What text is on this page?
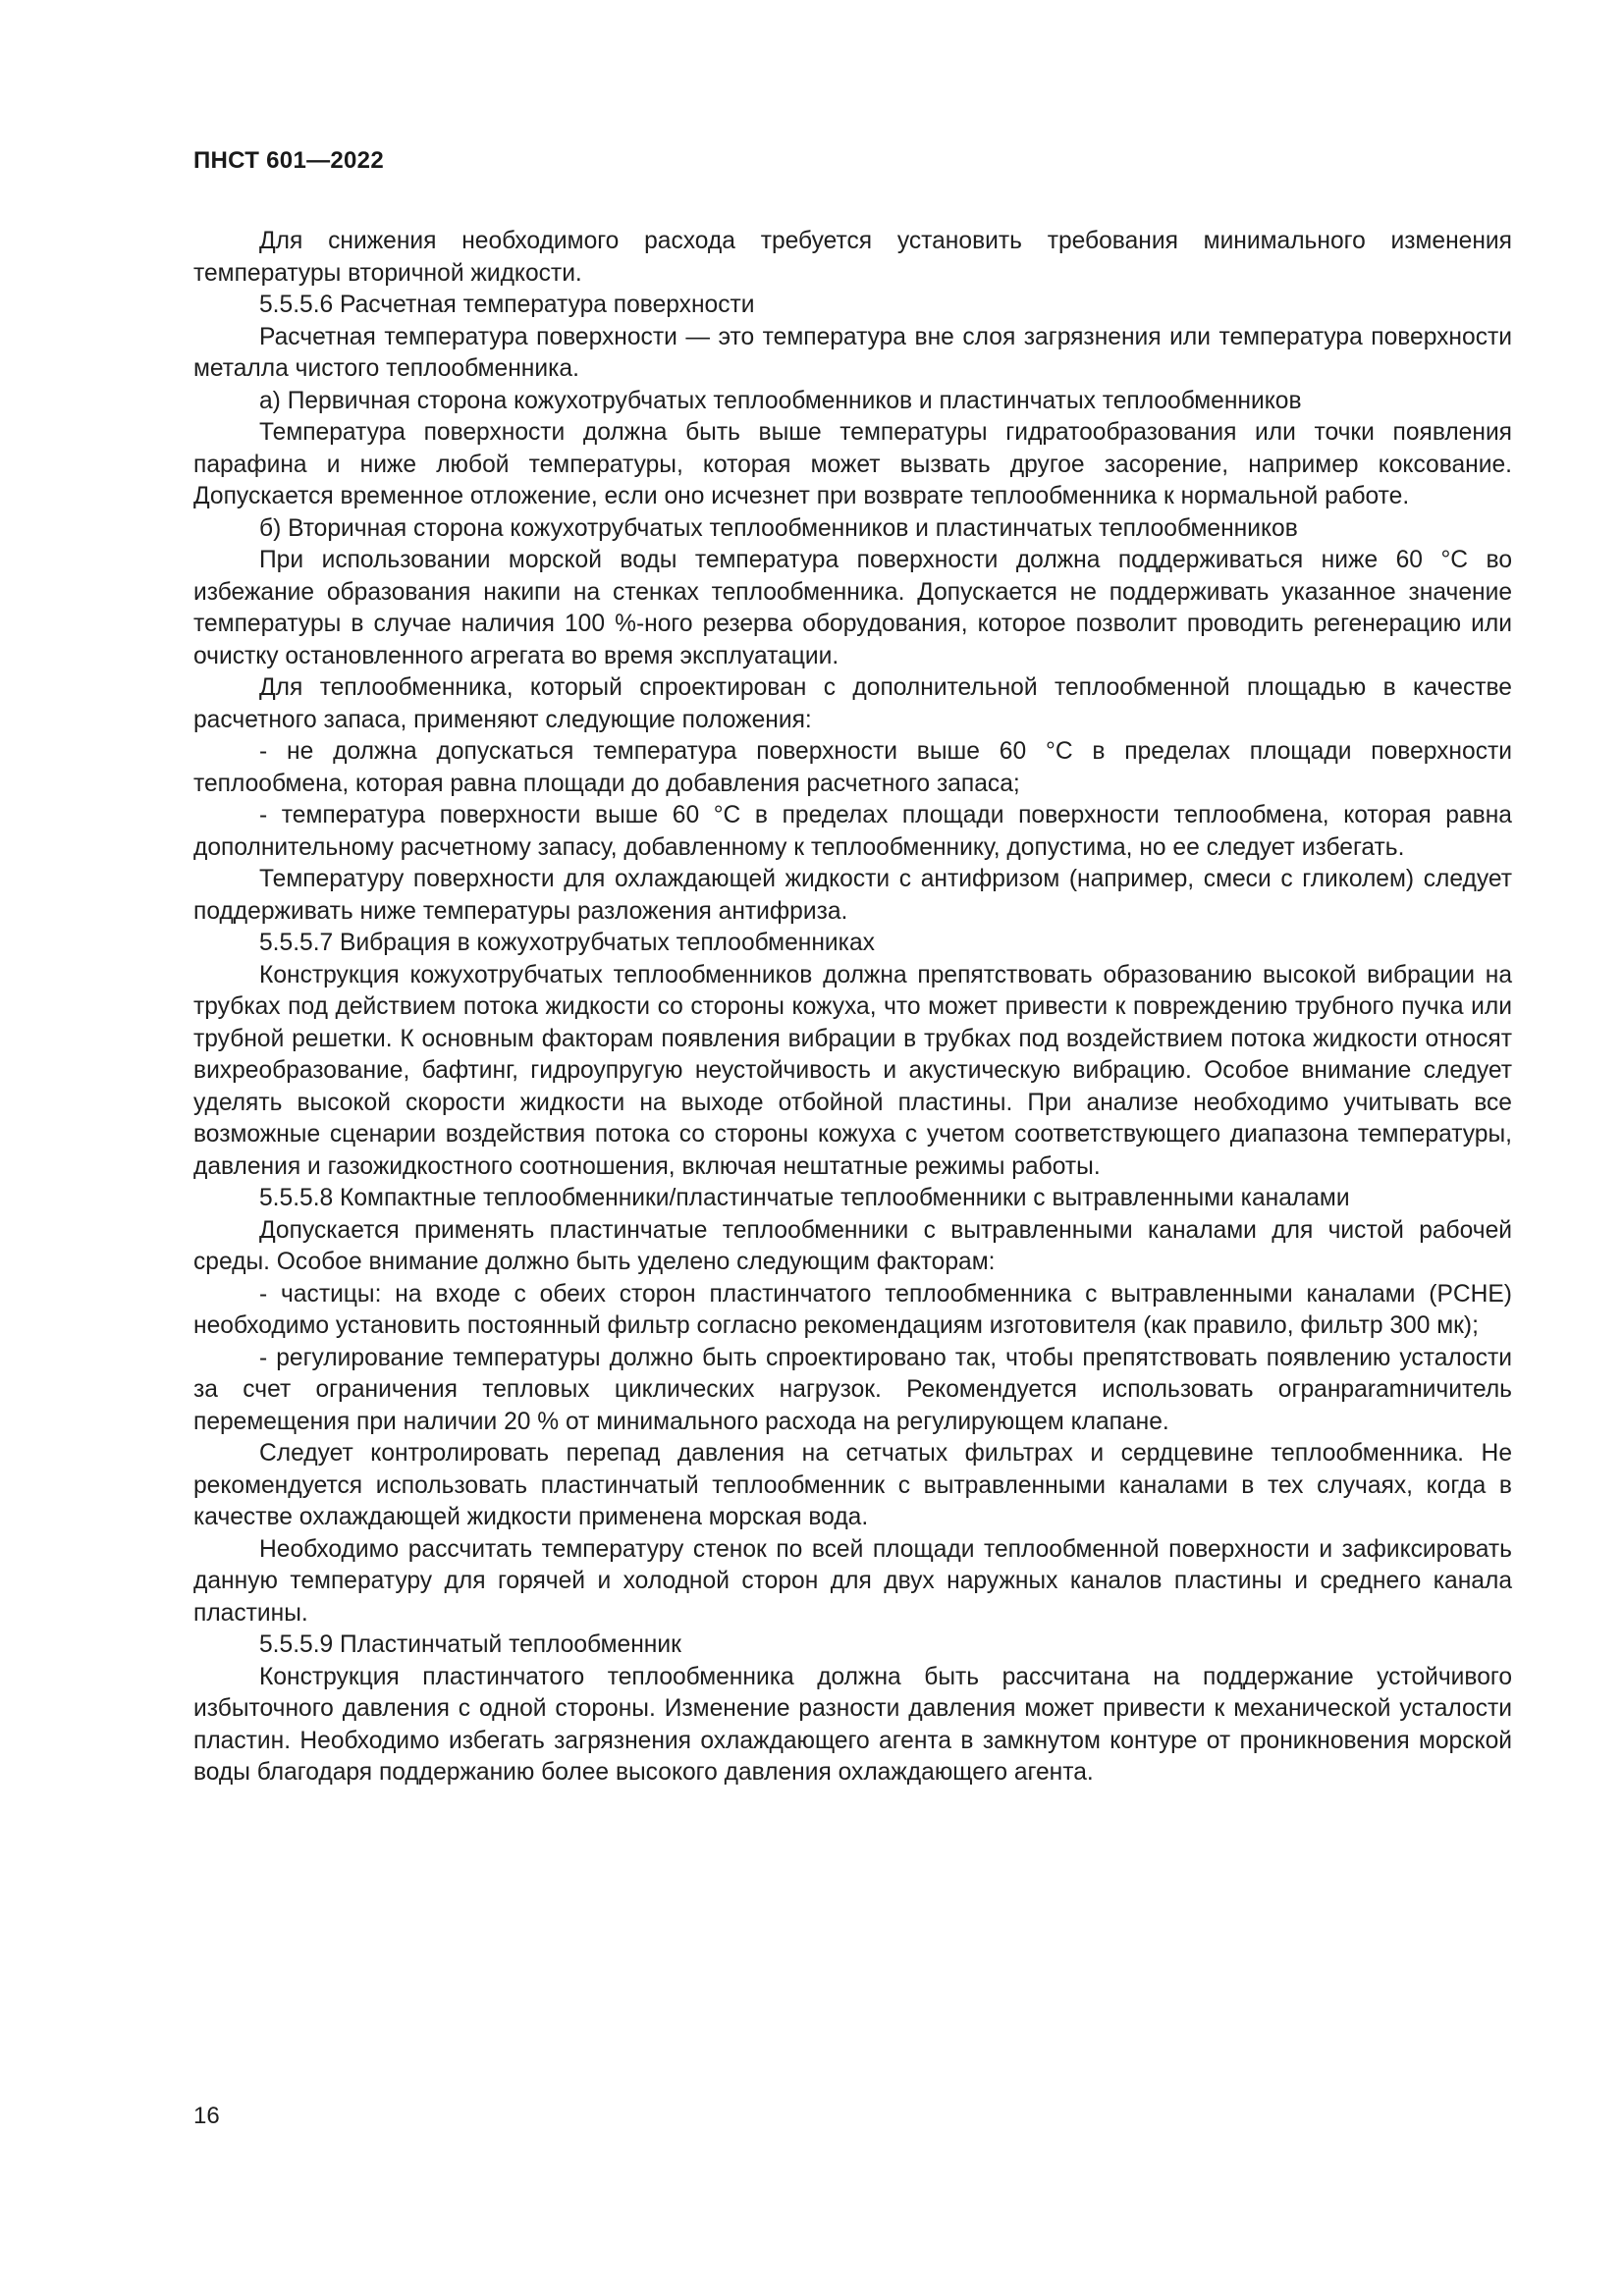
ПНСТ 601—2022

Для снижения необходимого расхода требуется установить требования минимального изменения температуры вторичной жидкости.

5.5.5.6 Расчетная температура поверхности

Расчетная температура поверхности — это температура вне слоя загрязнения или температура поверхности металла чистого теплообменника.

а) Первичная сторона кожухотрубчатых теплообменников и пластинчатых теплообменников

Температура поверхности должна быть выше температуры гидратообразования или точки появления парафина и ниже любой температуры, которая может вызвать другое засорение, например коксование. Допускается временное отложение, если оно исчезнет при возврате теплообменника к нормальной работе.

б) Вторичная сторона кожухотрубчатых теплообменников и пластинчатых теплообменников

При использовании морской воды температура поверхности должна поддерживаться ниже 60 °С во избежание образования накипи на стенках теплообменника. Допускается не поддерживать указанное значение температуры в случае наличия 100 %-ного резерва оборудования, которое позволит проводить регенерацию или очистку остановленного агрегата во время эксплуатации.

Для теплообменника, который спроектирован с дополнительной теплообменной площадью в качестве расчетного запаса, применяют следующие положения:

- не должна допускаться температура поверхности выше 60 °С в пределах площади поверхности теплообмена, которая равна площади до добавления расчетного запаса;

- температура поверхности выше 60 °С в пределах площади поверхности теплообмена, которая равна дополнительному расчетному запасу, добавленному к теплообменнику, допустима, но ее следует избегать.

Температуру поверхности для охлаждающей жидкости с антифризом (например, смеси с гликолем) следует поддерживать ниже температуры разложения антифриза.

5.5.5.7 Вибрация в кожухотрубчатых теплообменниках

Конструкция кожухотрубчатых теплообменников должна препятствовать образованию высокой вибрации на трубках под действием потока жидкости со стороны кожуха, что может привести к повреждению трубного пучка или трубной решетки. К основным факторам появления вибрации в трубках под воздействием потока жидкости относят вихреобразование, бафтинг, гидроупругую неустойчивость и акустическую вибрацию. Особое внимание следует уделять высокой скорости жидкости на выходе отбойной пластины. При анализе необходимо учитывать все возможные сценарии воздействия потока со стороны кожуха с учетом соответствующего диапазона температуры, давления и газожидкостного соотношения, включая нештатные режимы работы.

5.5.5.8 Компактные теплообменники/пластинчатые теплообменники с вытравленными каналами

Допускается применять пластинчатые теплообменники с вытравленными каналами для чистой рабочей среды. Особое внимание должно быть уделено следующим факторам:

- частицы: на входе с обеих сторон пластинчатого теплообменника с вытравленными каналами (PCHE) необходимо установить постоянный фильтр согласно рекомендациям изготовителя (как правило, фильтр 300 мк);

- регулирование температуры должно быть спроектировано так, чтобы препятствовать появлению усталости за счет ограничения тепловых циклических нагрузок. Рекомендуется использовать огранparamничитель перемещения при наличии 20 % от минимального расхода на регулирующем клапане.

Следует контролировать перепад давления на сетчатых фильтрах и сердцевине теплообменника. Не рекомендуется использовать пластинчатый теплообменник с вытравленными каналами в тех случаях, когда в качестве охлаждающей жидкости применена морская вода.

Необходимо рассчитать температуру стенок по всей площади теплообменной поверхности и зафиксировать данную температуру для горячей и холодной сторон для двух наружных каналов пластины и среднего канала пластины.

5.5.5.9 Пластинчатый теплообменник

Конструкция пластинчатого теплообменника должна быть рассчитана на поддержание устойчивого избыточного давления с одной стороны. Изменение разности давления может привести к механической усталости пластин. Необходимо избегать загрязнения охлаждающего агента в замкнутом контуре от проникновения морской воды благодаря поддержанию более высокого давления охлаждающего агента.

16
